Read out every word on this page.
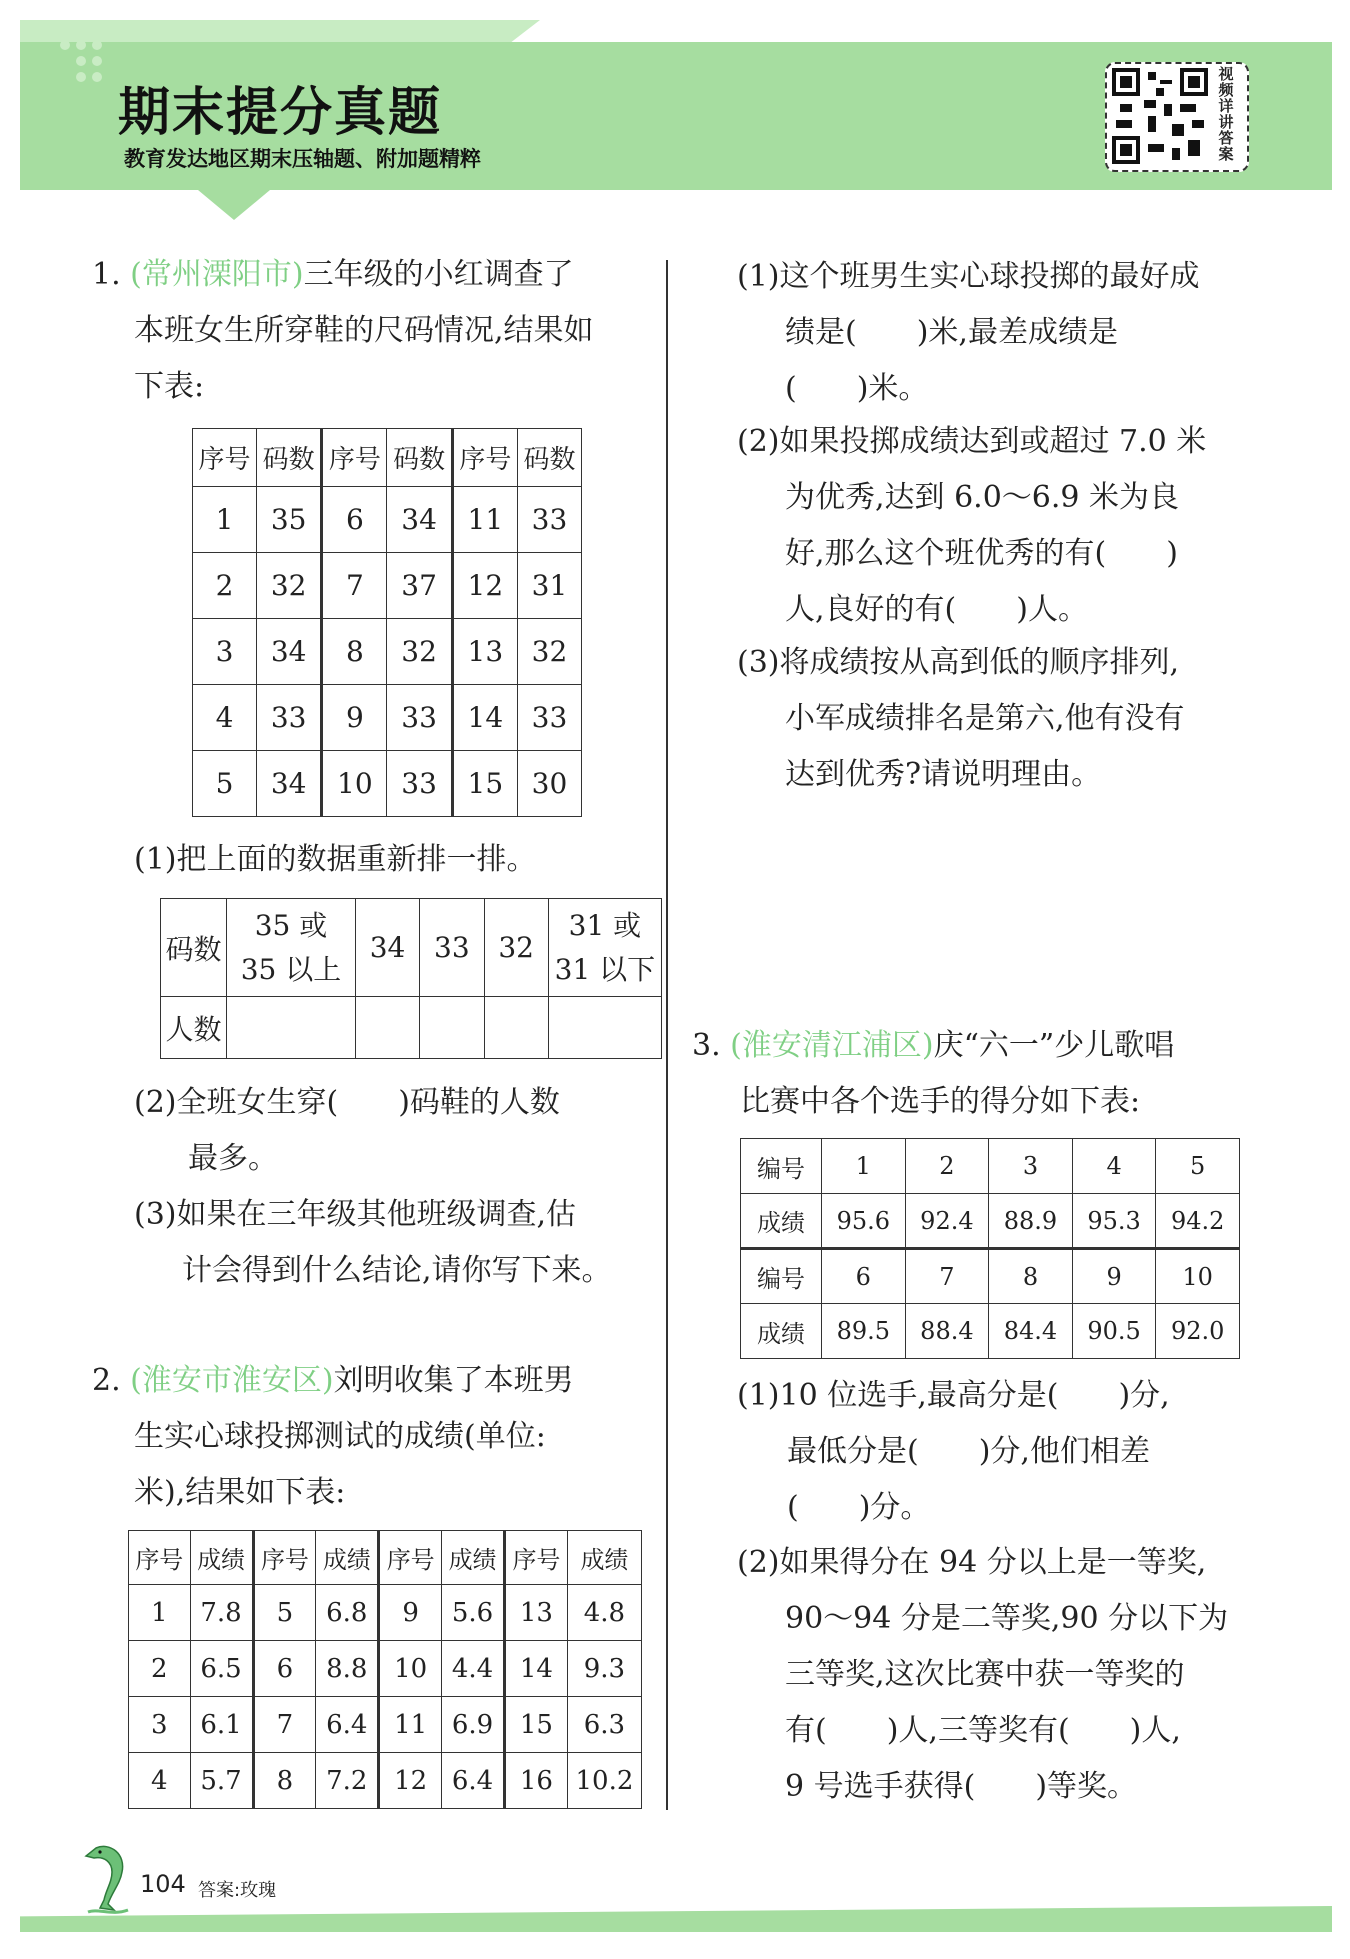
期末提分真题

教育发达地区期末压轴题、附加题精粹

视频详讲答案

1. (常州溧阳市)三年级的小红调查了

本班女生所穿鞋的尺码情况,结果如

下表:

序号	码数	序号	码数	序号	码数
1	35	6	34	11	33
2	32	7	37	12	31
3	34	8	32	13	32
4	33	9	33	14	33
5	34	10	33	15	30

(1)把上面的数据重新排一排。

码数	35 或
35 以上	34	33	32	31 或
31 以下
人数					

(2)全班女生穿(　　)码鞋的人数

最多。

(3)如果在三年级其他班级调查,估

计会得到什么结论,请你写下来。

2. (淮安市淮安区)刘明收集了本班男

生实心球投掷测试的成绩(单位:

米),结果如下表:

序号	成绩	序号	成绩	序号	成绩	序号	成绩
1	7.8	5	6.8	9	5.6	13	4.8
2	6.5	6	8.8	10	4.4	14	9.3
3	6.1	7	6.4	11	6.9	15	6.3
4	5.7	8	7.2	12	6.4	16	10.2

(1)这个班男生实心球投掷的最好成

绩是(　　)米,最差成绩是

(　　)米。

(2)如果投掷成绩达到或超过 7.0 米

为优秀,达到 6.0～6.9 米为良

好,那么这个班优秀的有(　　)

人,良好的有(　　)人。

(3)将成绩按从高到低的顺序排列,

小军成绩排名是第六,他有没有

达到优秀?请说明理由。

3. (淮安清江浦区)庆“六一”少儿歌唱

比赛中各个选手的得分如下表:

编号	1	2	3	4	5
成绩	95.6	92.4	88.9	95.3	94.2
编号	6	7	8	9	10
成绩	89.5	88.4	84.4	90.5	92.0

(1)10 位选手,最高分是(　　)分,

最低分是(　　)分,他们相差

(　　)分。

(2)如果得分在 94 分以上是一等奖,

90～94 分是二等奖,90 分以下为

三等奖,这次比赛中获一等奖的

有(　　)人,三等奖有(　　)人,

9 号选手获得(　　)等奖。

104 答案:玫瑰
